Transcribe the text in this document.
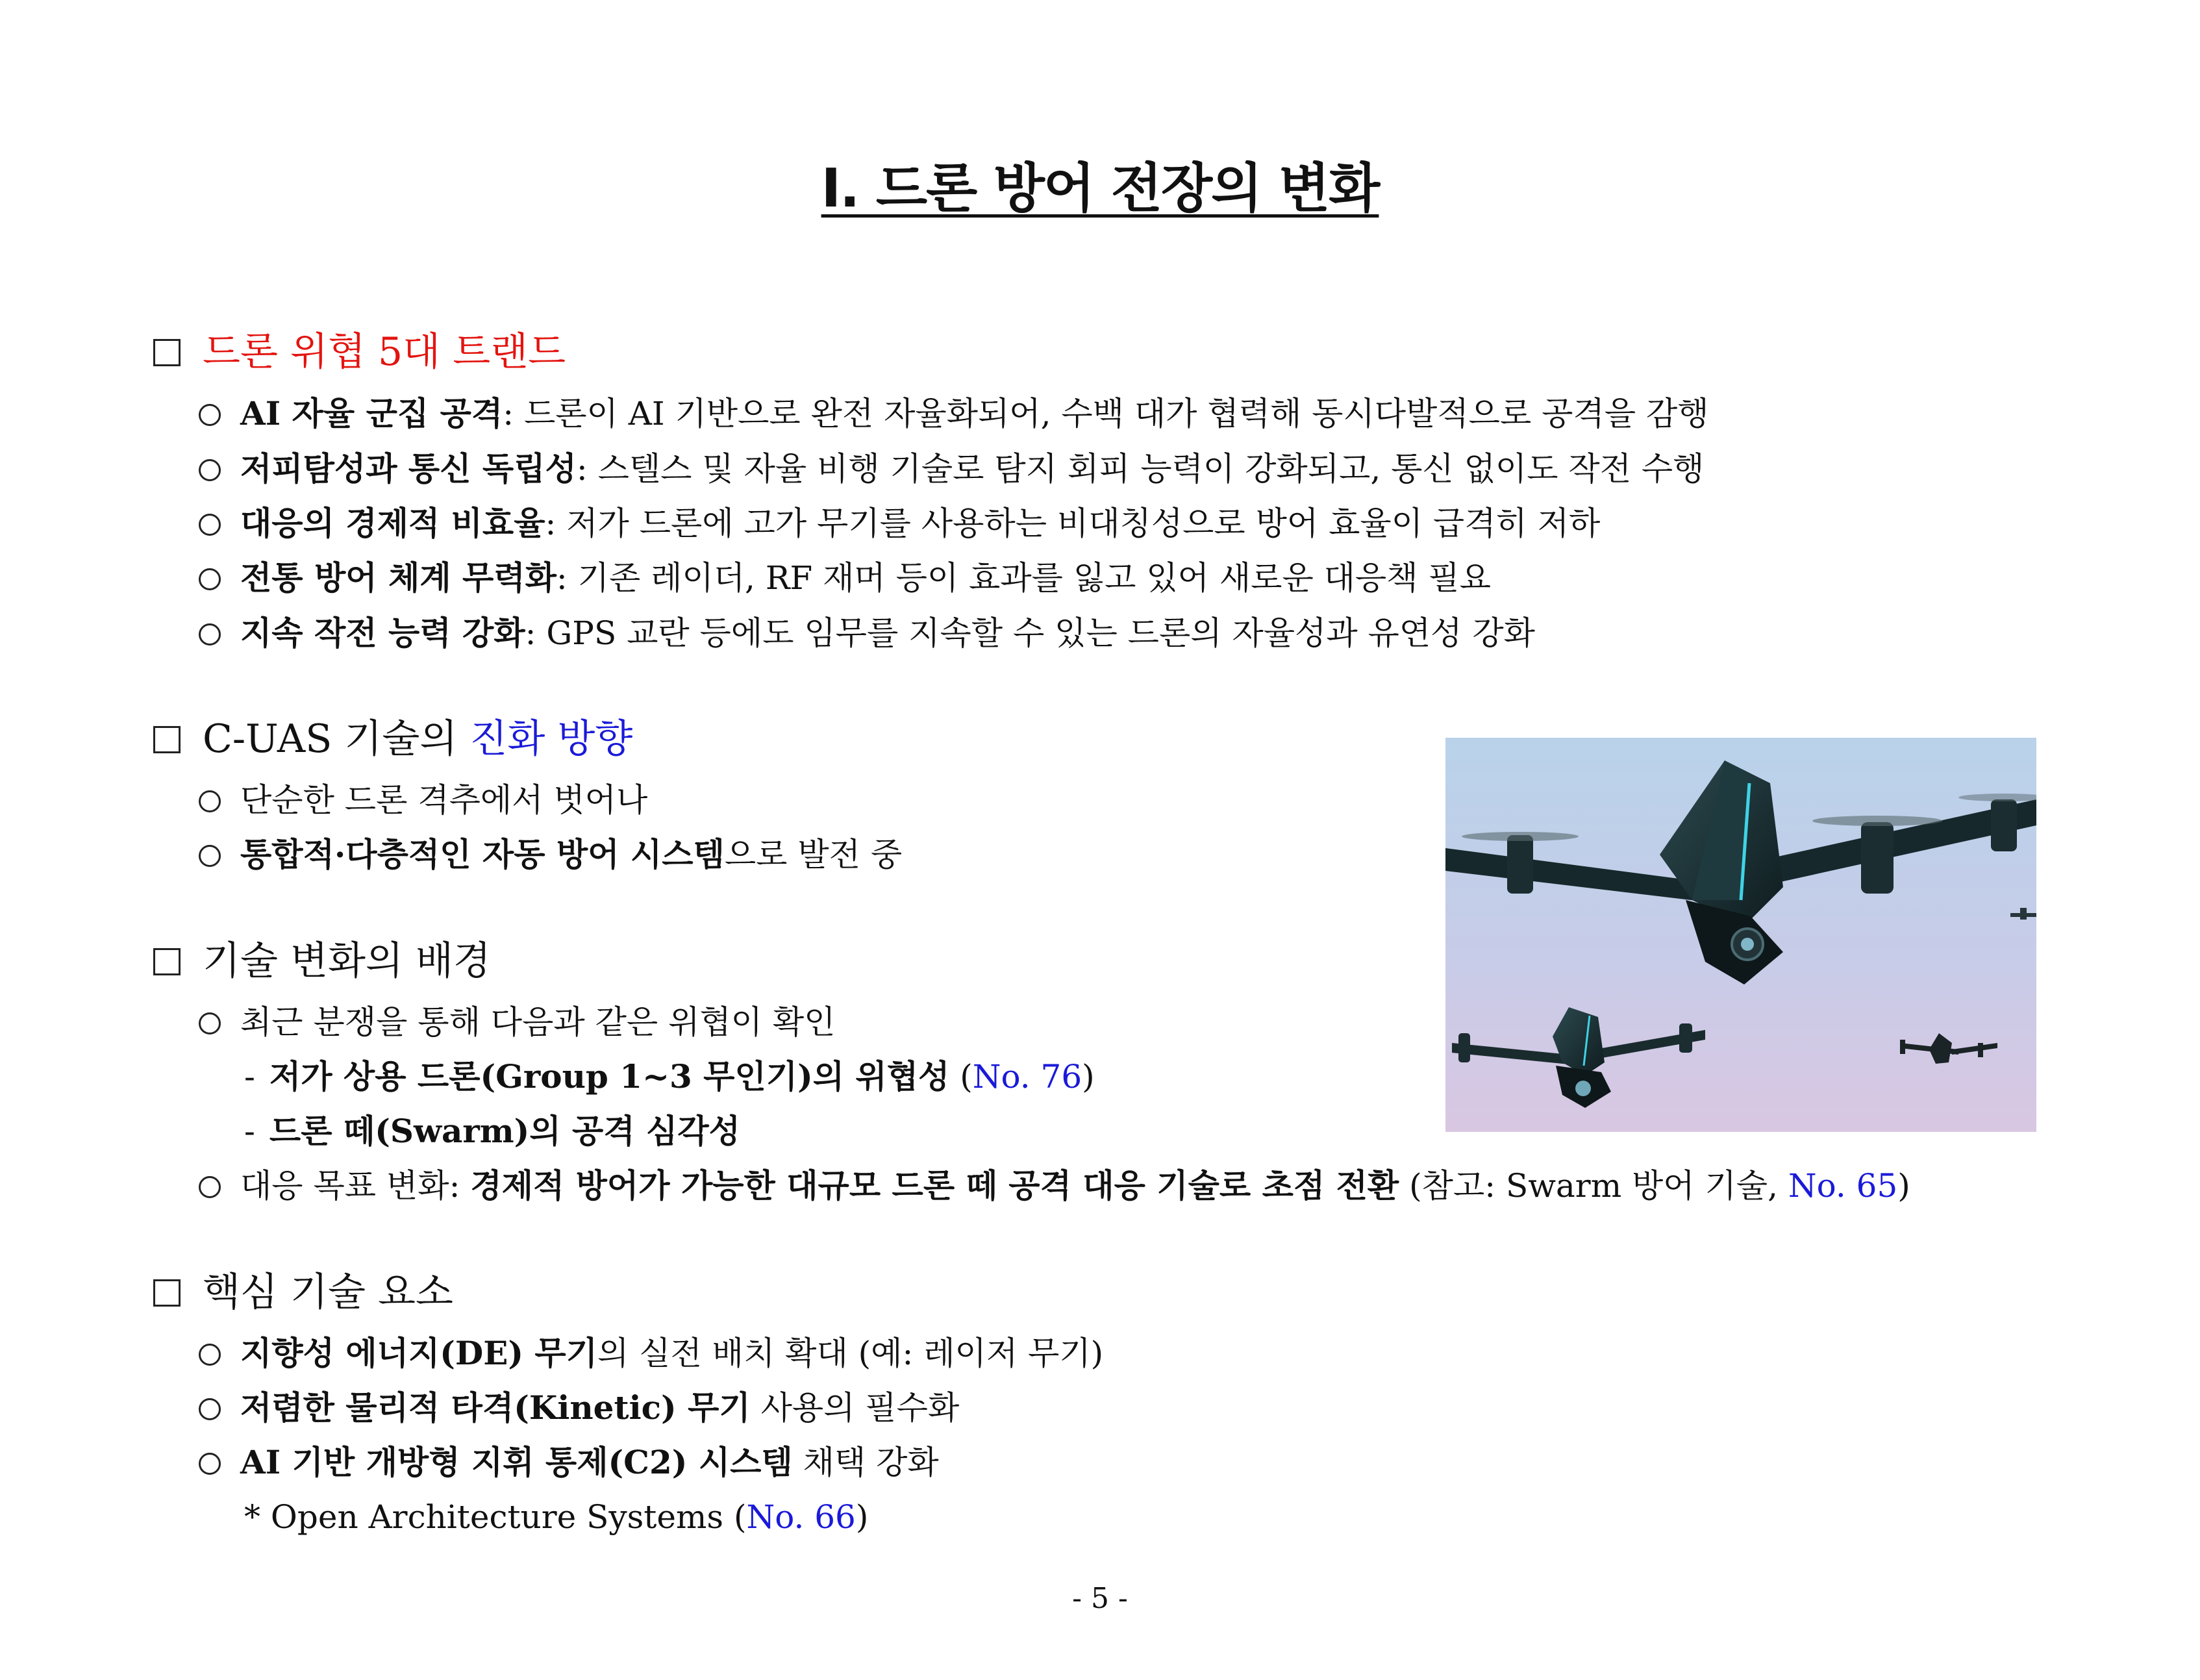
I. 드론 방어 전장의 변화
드론 위협 5대 트랜드
AI 자율 군집 공격: 드론이 AI 기반으로 완전 자율화되어, 수백 대가 협력해 동시다발적으로 공격을 감행
저피탐성과 통신 독립성: 스텔스 및 자율 비행 기술로 탐지 회피 능력이 강화되고, 통신 없이도 작전 수행
대응의 경제적 비효율: 저가 드론에 고가 무기를 사용하는 비대칭성으로 방어 효율이 급격히 저하
전통 방어 체계 무력화: 기존 레이더, RF 재머 등이 효과를 잃고 있어 새로운 대응책 필요
지속 작전 능력 강화: GPS 교란 등에도 임무를 지속할 수 있는 드론의 자율성과 유연성 강화
C-UAS 기술의 진화 방향
단순한 드론 격추에서 벗어나
통합적·다층적인 자동 방어 시스템으로 발전 중
기술 변화의 배경
최근 분쟁을 통해 다음과 같은 위협이 확인
- 저가 상용 드론(Group 1~3 무인기)의 위협성 (No. 76)
- 드론 떼(Swarm)의 공격 심각성
대응 목표 변화: 경제적 방어가 가능한 대규모 드론 떼 공격 대응 기술로 초점 전환 (참고: Swarm 방어 기술, No. 65)
핵심 기술 요소
지향성 에너지(DE) 무기의 실전 배치 확대 (예: 레이저 무기)
저렴한 물리적 타격(Kinetic) 무기 사용의 필수화
AI 기반 개방형 지휘 통제(C2) 시스템 채택 강화
* Open Architecture Systems (No. 66)
- 5 -
